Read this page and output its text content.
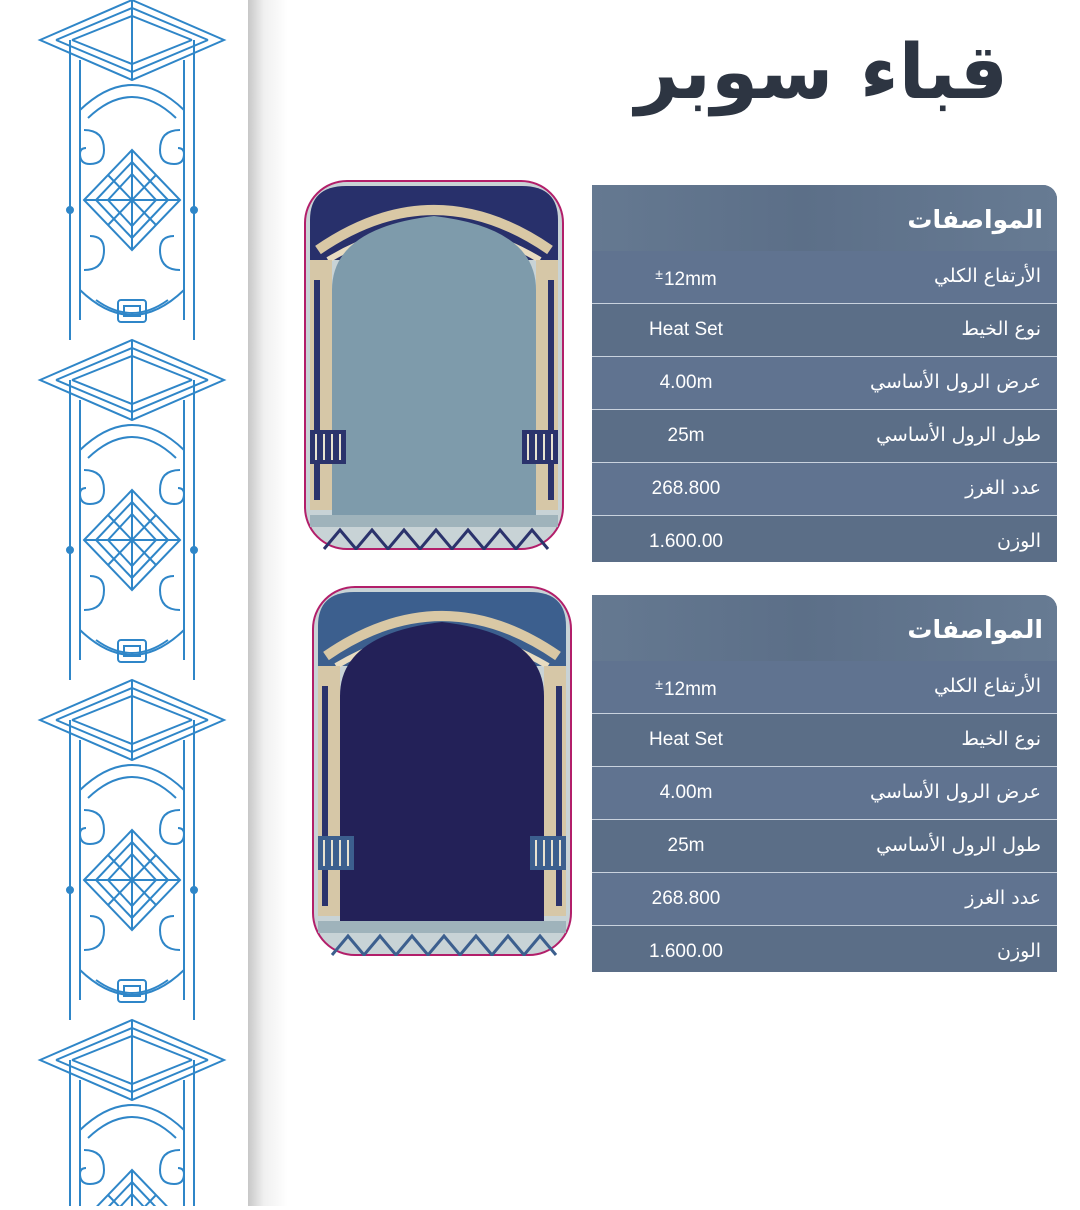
قباء سوبر
المواصفات
الأرتفاع الكلي
±12mm
نوع الخيط
Heat Set
عرض الرول الأساسي
4.00m
طول الرول الأساسي
25m
عدد الغرز
268.800
الوزن
1.600.00
المواصفات
الأرتفاع الكلي
±12mm
نوع الخيط
Heat Set
عرض الرول الأساسي
4.00m
طول الرول الأساسي
25m
عدد الغرز
268.800
الوزن
1.600.00
